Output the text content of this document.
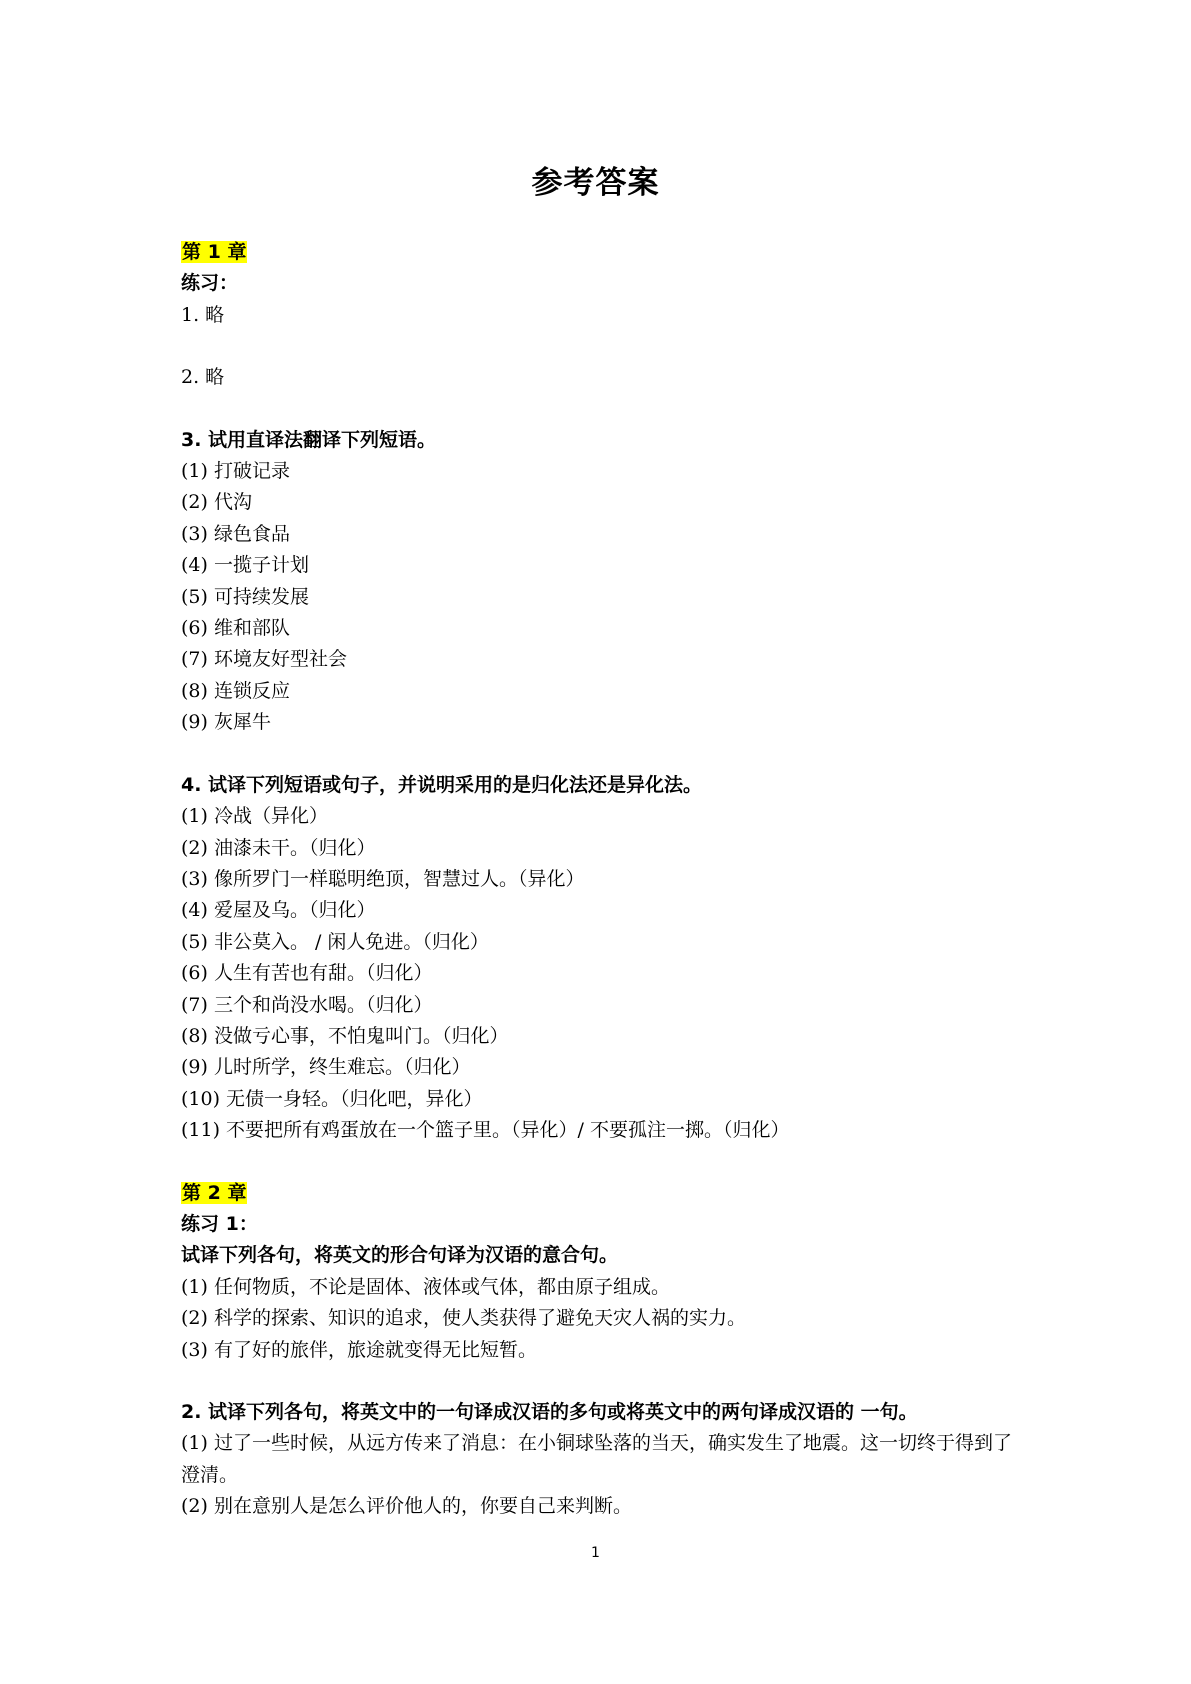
参考答案
第 1 章
练习：
1. 略
2. 略
3. 试用直译法翻译下列短语。
(1) 打破记录
(2) 代沟
(3) 绿色食品
(4) 一揽子计划
(5) 可持续发展
(6) 维和部队
(7) 环境友好型社会
(8) 连锁反应
(9) 灰犀牛
4. 试译下列短语或句子，并说明采用的是归化法还是异化法。
(1) 冷战（异化）
(2) 油漆未干。（归化）
(3) 像所罗门一样聪明绝顶，智慧过人。（异化）
(4) 爱屋及乌。（归化）
(5) 非公莫入。 / 闲人免进。（归化）
(6) 人生有苦也有甜。（归化）
(7) 三个和尚没水喝。（归化）
(8) 没做亏心事，不怕鬼叫门。（归化）
(9) 儿时所学，终生难忘。（归化）
(10) 无债一身轻。（归化吧，异化）
(11) 不要把所有鸡蛋放在一个篮子里。（异化）/ 不要孤注一掷。（归化）
第 2 章
练习 1：
试译下列各句，将英文的形合句译为汉语的意合句。
(1) 任何物质，不论是固体、液体或气体，都由原子组成。
(2) 科学的探索、知识的追求，使人类获得了避免天灾人祸的实力。
(3) 有了好的旅伴，旅途就变得无比短暂。
2. 试译下列各句，将英文中的一句译成汉语的多句或将英文中的两句译成汉语的 一句。
(1) 过了一些时候，从远方传来了消息：在小铜球坠落的当天，确实发生了地震。这一切终于得到了澄清。
(2) 别在意别人是怎么评价他人的，你要自己来判断。
1
